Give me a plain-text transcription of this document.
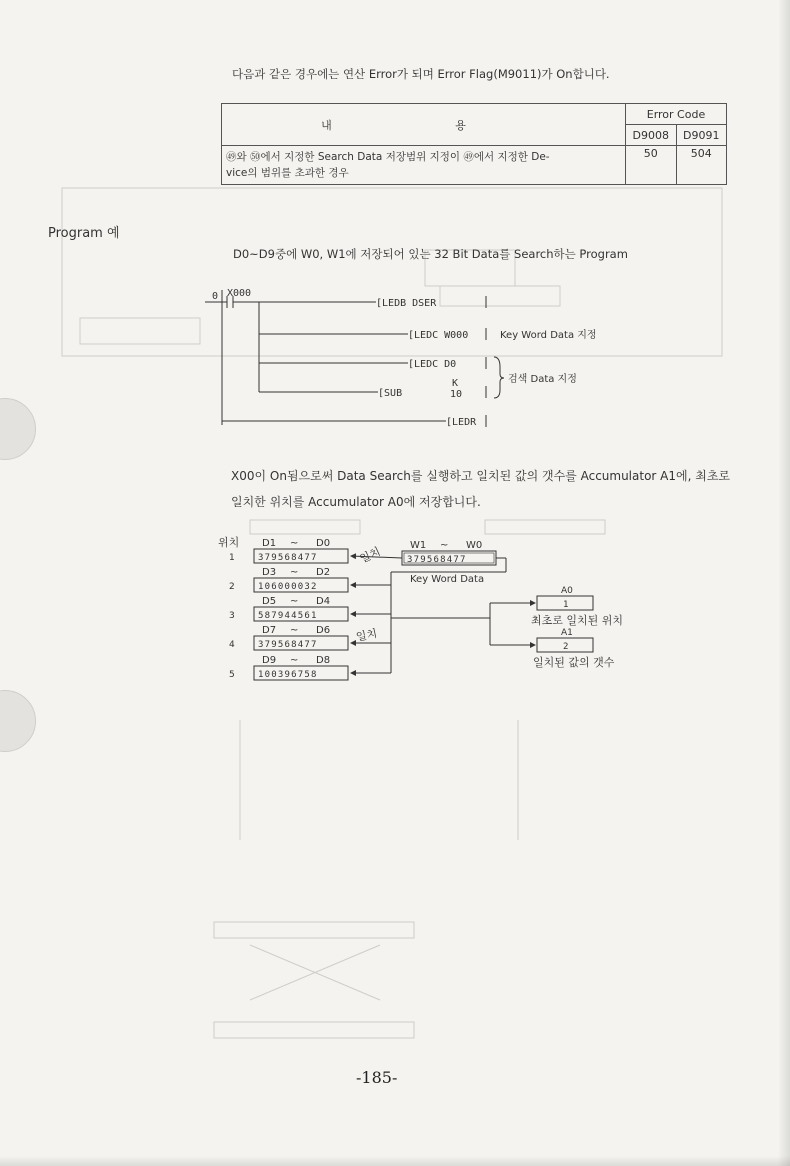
다음과 같은 경우에는 연산 Error가 되며 Error Flag(M9011)가 On합니다.
내 용	Error Code	
	D9008	D9091
㊾와 ㊿에서 지정한 Search Data 저장범위 지정이 ㊾에서 지정한 De-
vice의 범위를 초과한 경우	50	504
Program 예
D0~D9중에 W0, W1에 저장되어 있는 32 Bit Data를 Search하는 Program
0 X000
[LEDB DSER
[LEDC W000	Key Word Data 지정
[LEDC D0
[SUB
K
10
[LEDR
검색 Data 지정
X00이 On됨으로써 Data Search를 실행하고 일치된 값의 갯수를 Accumulator A1에, 최초로
일치한 위치를 Accumulator A0에 저장합니다.
위치
1
D1 ~ D0
379568477
2
D3 ~ D2
106000032
3
D5 ~ D4
587944561
4
D7 ~ D6
379568477
5
D9 ~ D8
100396758
W1 ~ W0
379568477
Key Word Data
일치
일치
A0
1
최초로 일치된 위치
A1
2
일치된 값의 갯수
-185-
